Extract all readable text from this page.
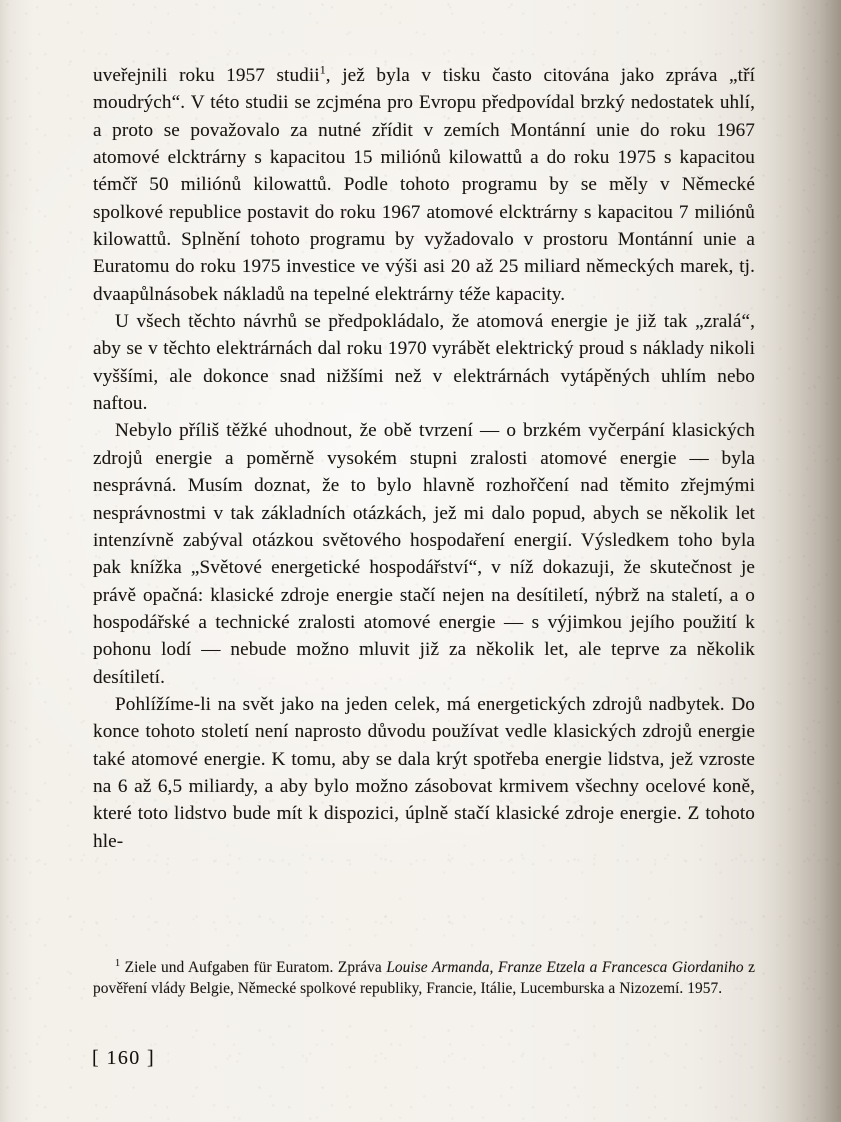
uveřejnili roku 1957 studii$^1$, jež byla v tisku často citována jako zpráva „tří moudrých“. V této studii se zcjména pro Evropu předpovídal brzký nedostatek uhlí, a proto se považovalo za nutné zřídit v zemích Montánní unie do roku 1967 atomové elcktrárny s kapacitou 15 miliónů kilowattů a do roku 1975 s kapacitou témčř 50 miliónů kilowattů. Podle tohoto programu by se měly v Německé spolkové republice postavit do roku 1967 atomové elcktrárny s kapacitou 7 miliónů kilowattů. Splnění tohoto programu by vyžadovalo v prostoru Montánní unie a Euratomu do roku 1975 investice ve výši asi 20 až 25 miliard německých marek, tj. dvaapůlnásobek nákladů na tepelné elektrárny téže kapacity.

U všech těchto návrhů se předpokládalo, že atomová energie je již tak „zralá“, aby se v těchto elektrárnách dal roku 1970 vyrábět elektrický proud s náklady nikoli vyššími, ale dokonce snad nižšími než v elektrárnách vytápěných uhlím nebo naftou.

Nebylo příliš těžké uhodnout, že obě tvrzení — o brzkém vyčerpání klasických zdrojů energie a poměrně vysokém stupni zralosti atomové energie — byla nesprávná. Musím doznat, že to bylo hlavně rozhořčení nad těmito zřejmými nesprávnostmi v tak základních otázkách, jež mi dalo popud, abych se několik let intenzívně zabýval otázkou světového hospodaření energií. Výsledkem toho byla pak knížka „Světové energetické hospodářství“, v níž dokazuji, že skutečnost je právě opačná: klasické zdroje energie stačí nejen na desítiletí, nýbrž na staletí, a o hospodářské a technické zralosti atomové energie — s výjimkou jejího použití k pohonu lodí — nebude možno mluvit již za několik let, ale teprve za několik desítiletí.

Pohlížíme-li na svět jako na jeden celek, má energetických zdrojů nadbytek. Do konce tohoto století není naprosto důvodu používat vedle klasických zdrojů energie také atomové energie. K tomu, aby se dala krýt spotřeba energie lidstva, jež vzroste na 6 až 6,5 miliardy, a aby bylo možno zásobovat krmivem všechny ocelové koně, které toto lidstvo bude mít k dispozici, úplně stačí klasické zdroje energie. Z tohoto hle-

$^1$ Ziele und Aufgaben für Euratom. Zpráva Louise Armanda, Franze Etzela a Francesca Giordaniho z pověření vlády Belgie, Německé spolkové republiky, Francie, Itálie, Lucemburska a Nizozemí. 1957.

[ 160 ]
